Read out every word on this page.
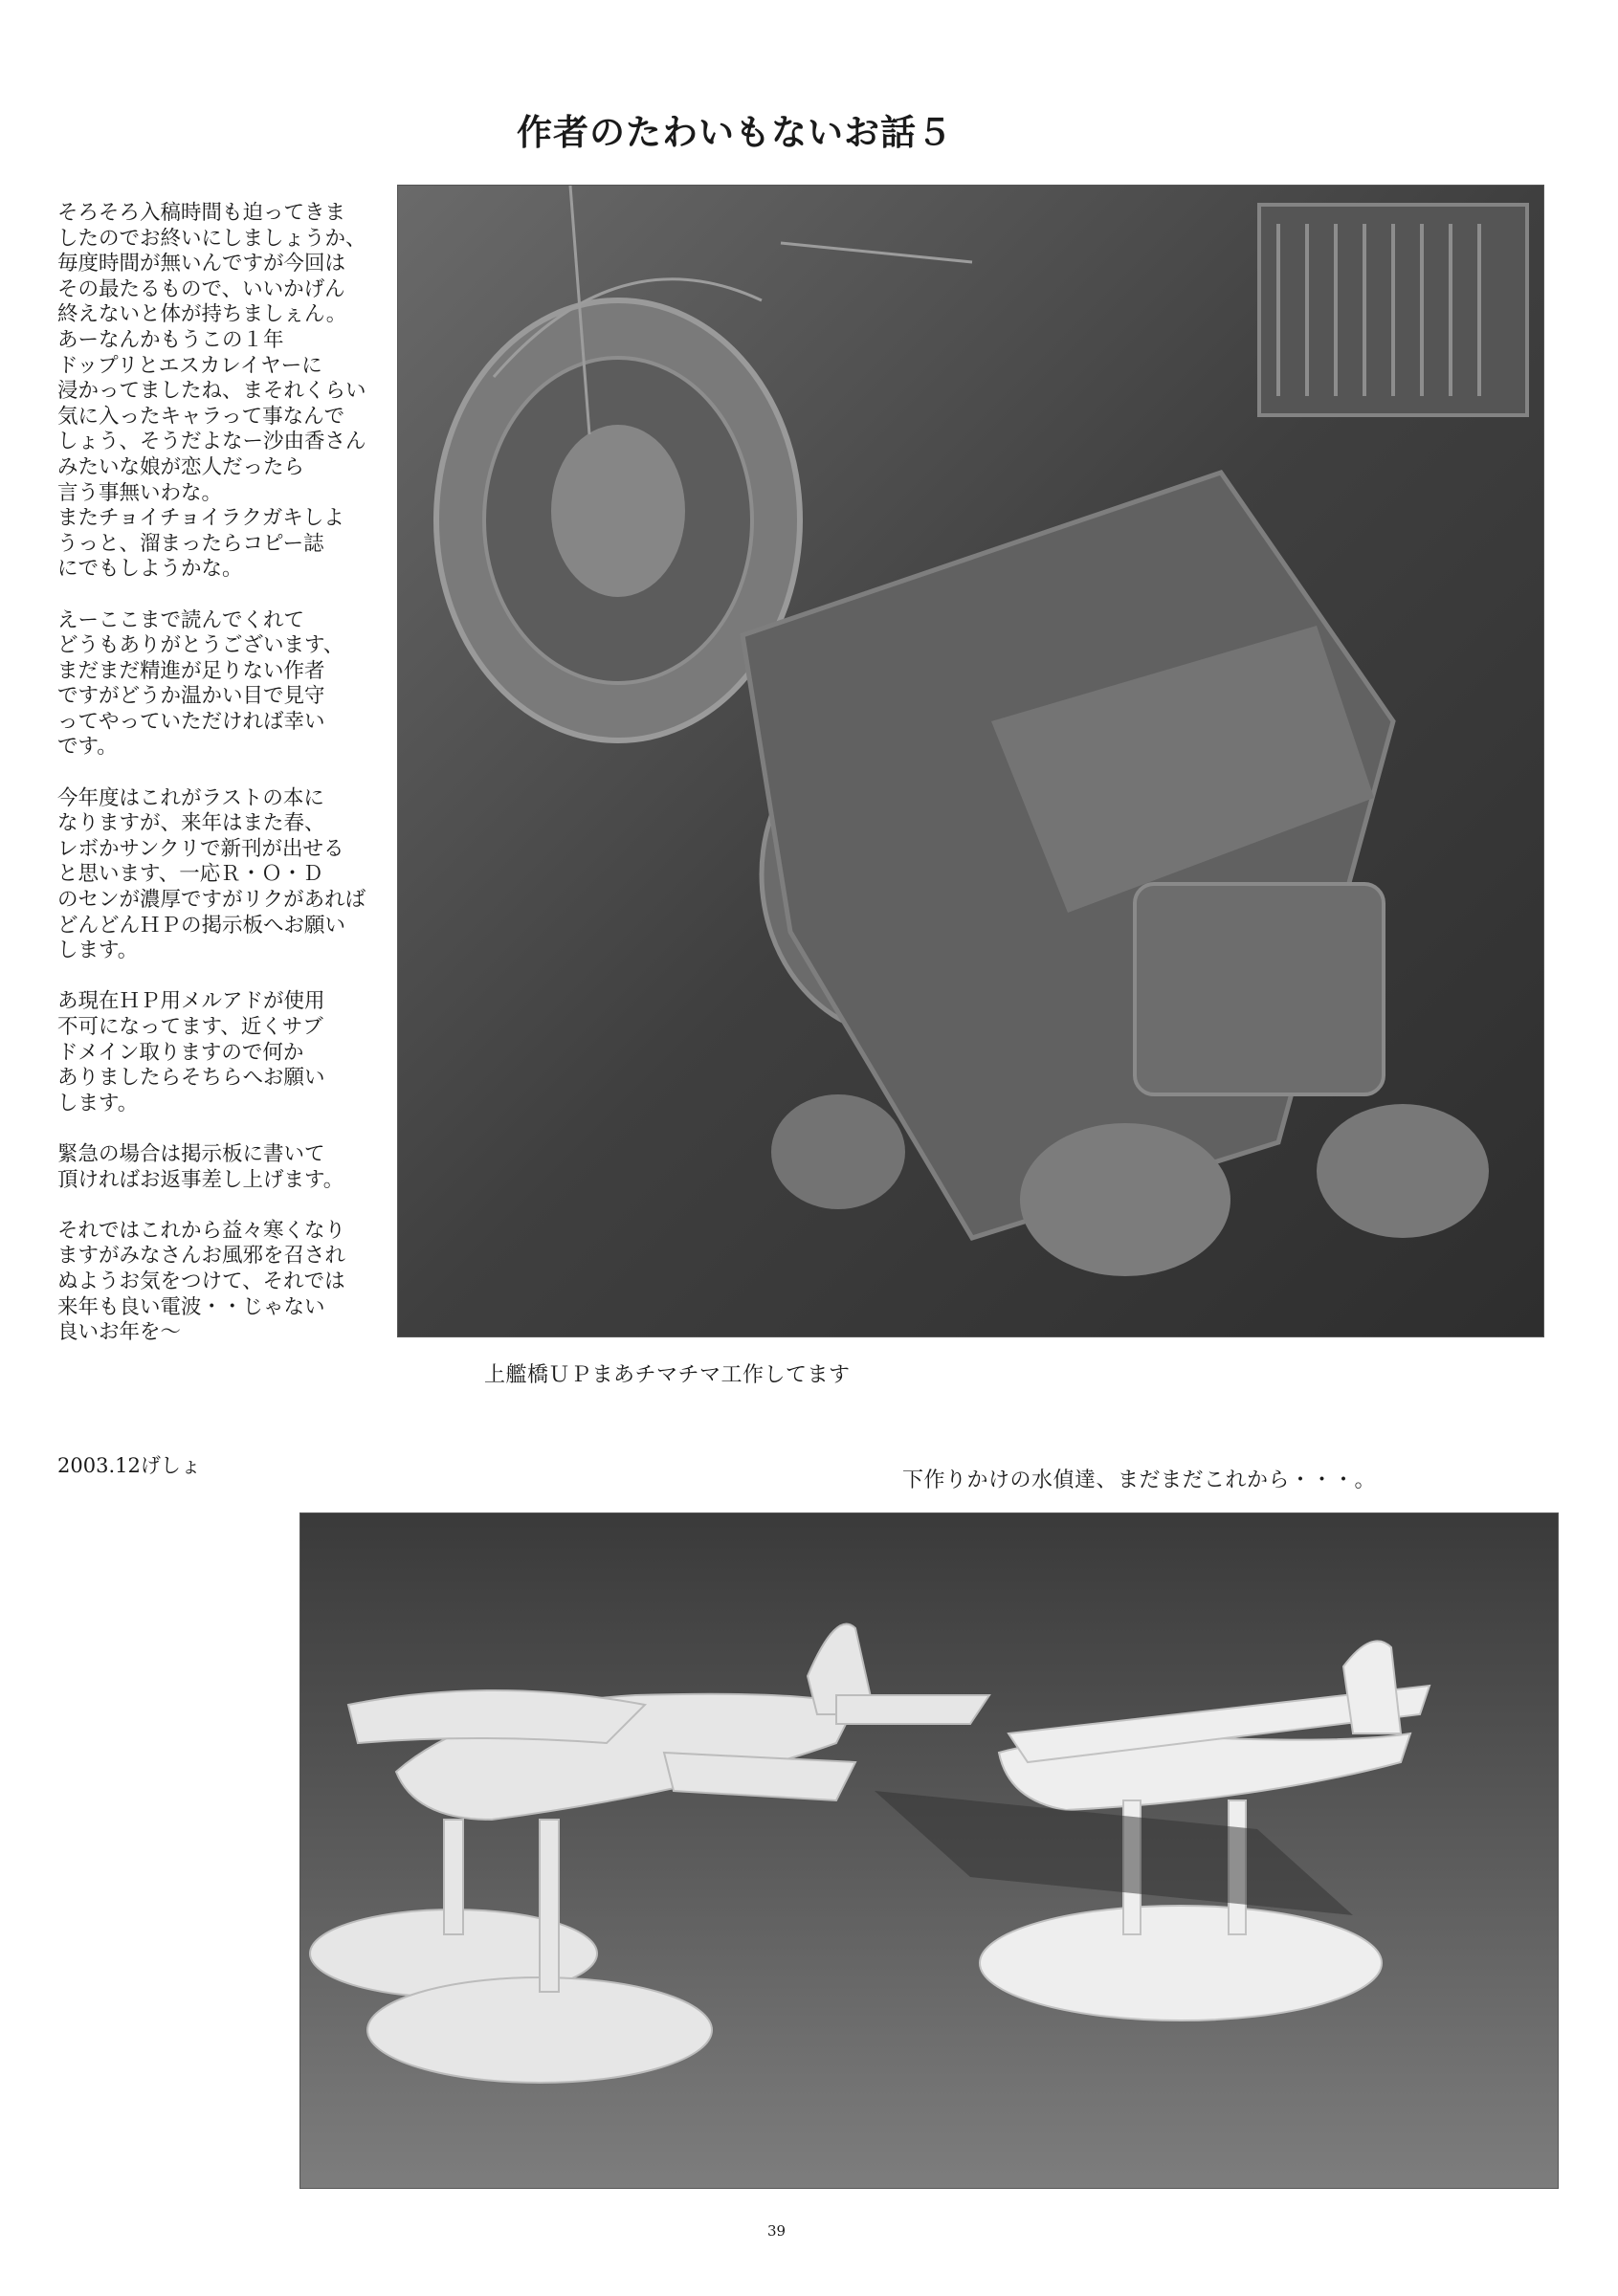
作者のたわいもないお話５

そろそろ入稿時間も迫ってきま
したのでお終いにしましょうか、
毎度時間が無いんですが今回は
その最たるもので、いいかげん
終えないと体が持ちましぇん。
あーなんかもうこの１年
ドップリとエスカレイヤーに
浸かってましたね、まそれくらい
気に入ったキャラって事なんで
しょう、そうだよなー沙由香さん
みたいな娘が恋人だったら
言う事無いわな。
またチョイチョイラクガキしよ
うっと、溜まったらコピー誌
にでもしようかな。

えーここまで読んでくれて
どうもありがとうございます、
まだまだ精進が足りない作者
ですがどうか温かい目で見守
ってやっていただければ幸い
です。

今年度はこれがラストの本に
なりますが、来年はまた春、
レボかサンクリで新刊が出せる
と思います、一応Ｒ・Ｏ・Ｄ
のセンが濃厚ですがリクがあれば
どんどんＨＰの掲示板へお願い
します。

あ現在ＨＰ用メルアドが使用
不可になってます、近くサブ
ドメイン取りますので何か
ありましたらそちらへお願い
します。

緊急の場合は掲示板に書いて
頂ければお返事差し上げます。

それではこれから益々寒くなり
ますがみなさんお風邪を召され
ぬようお気をつけて、それでは
来年も良い電波・・じゃない
良いお年を～

2003.12げしょ
上艦橋ＵＰまあチマチマ工作してます
下作りかけの水偵達、まだまだこれから・・・。
39
